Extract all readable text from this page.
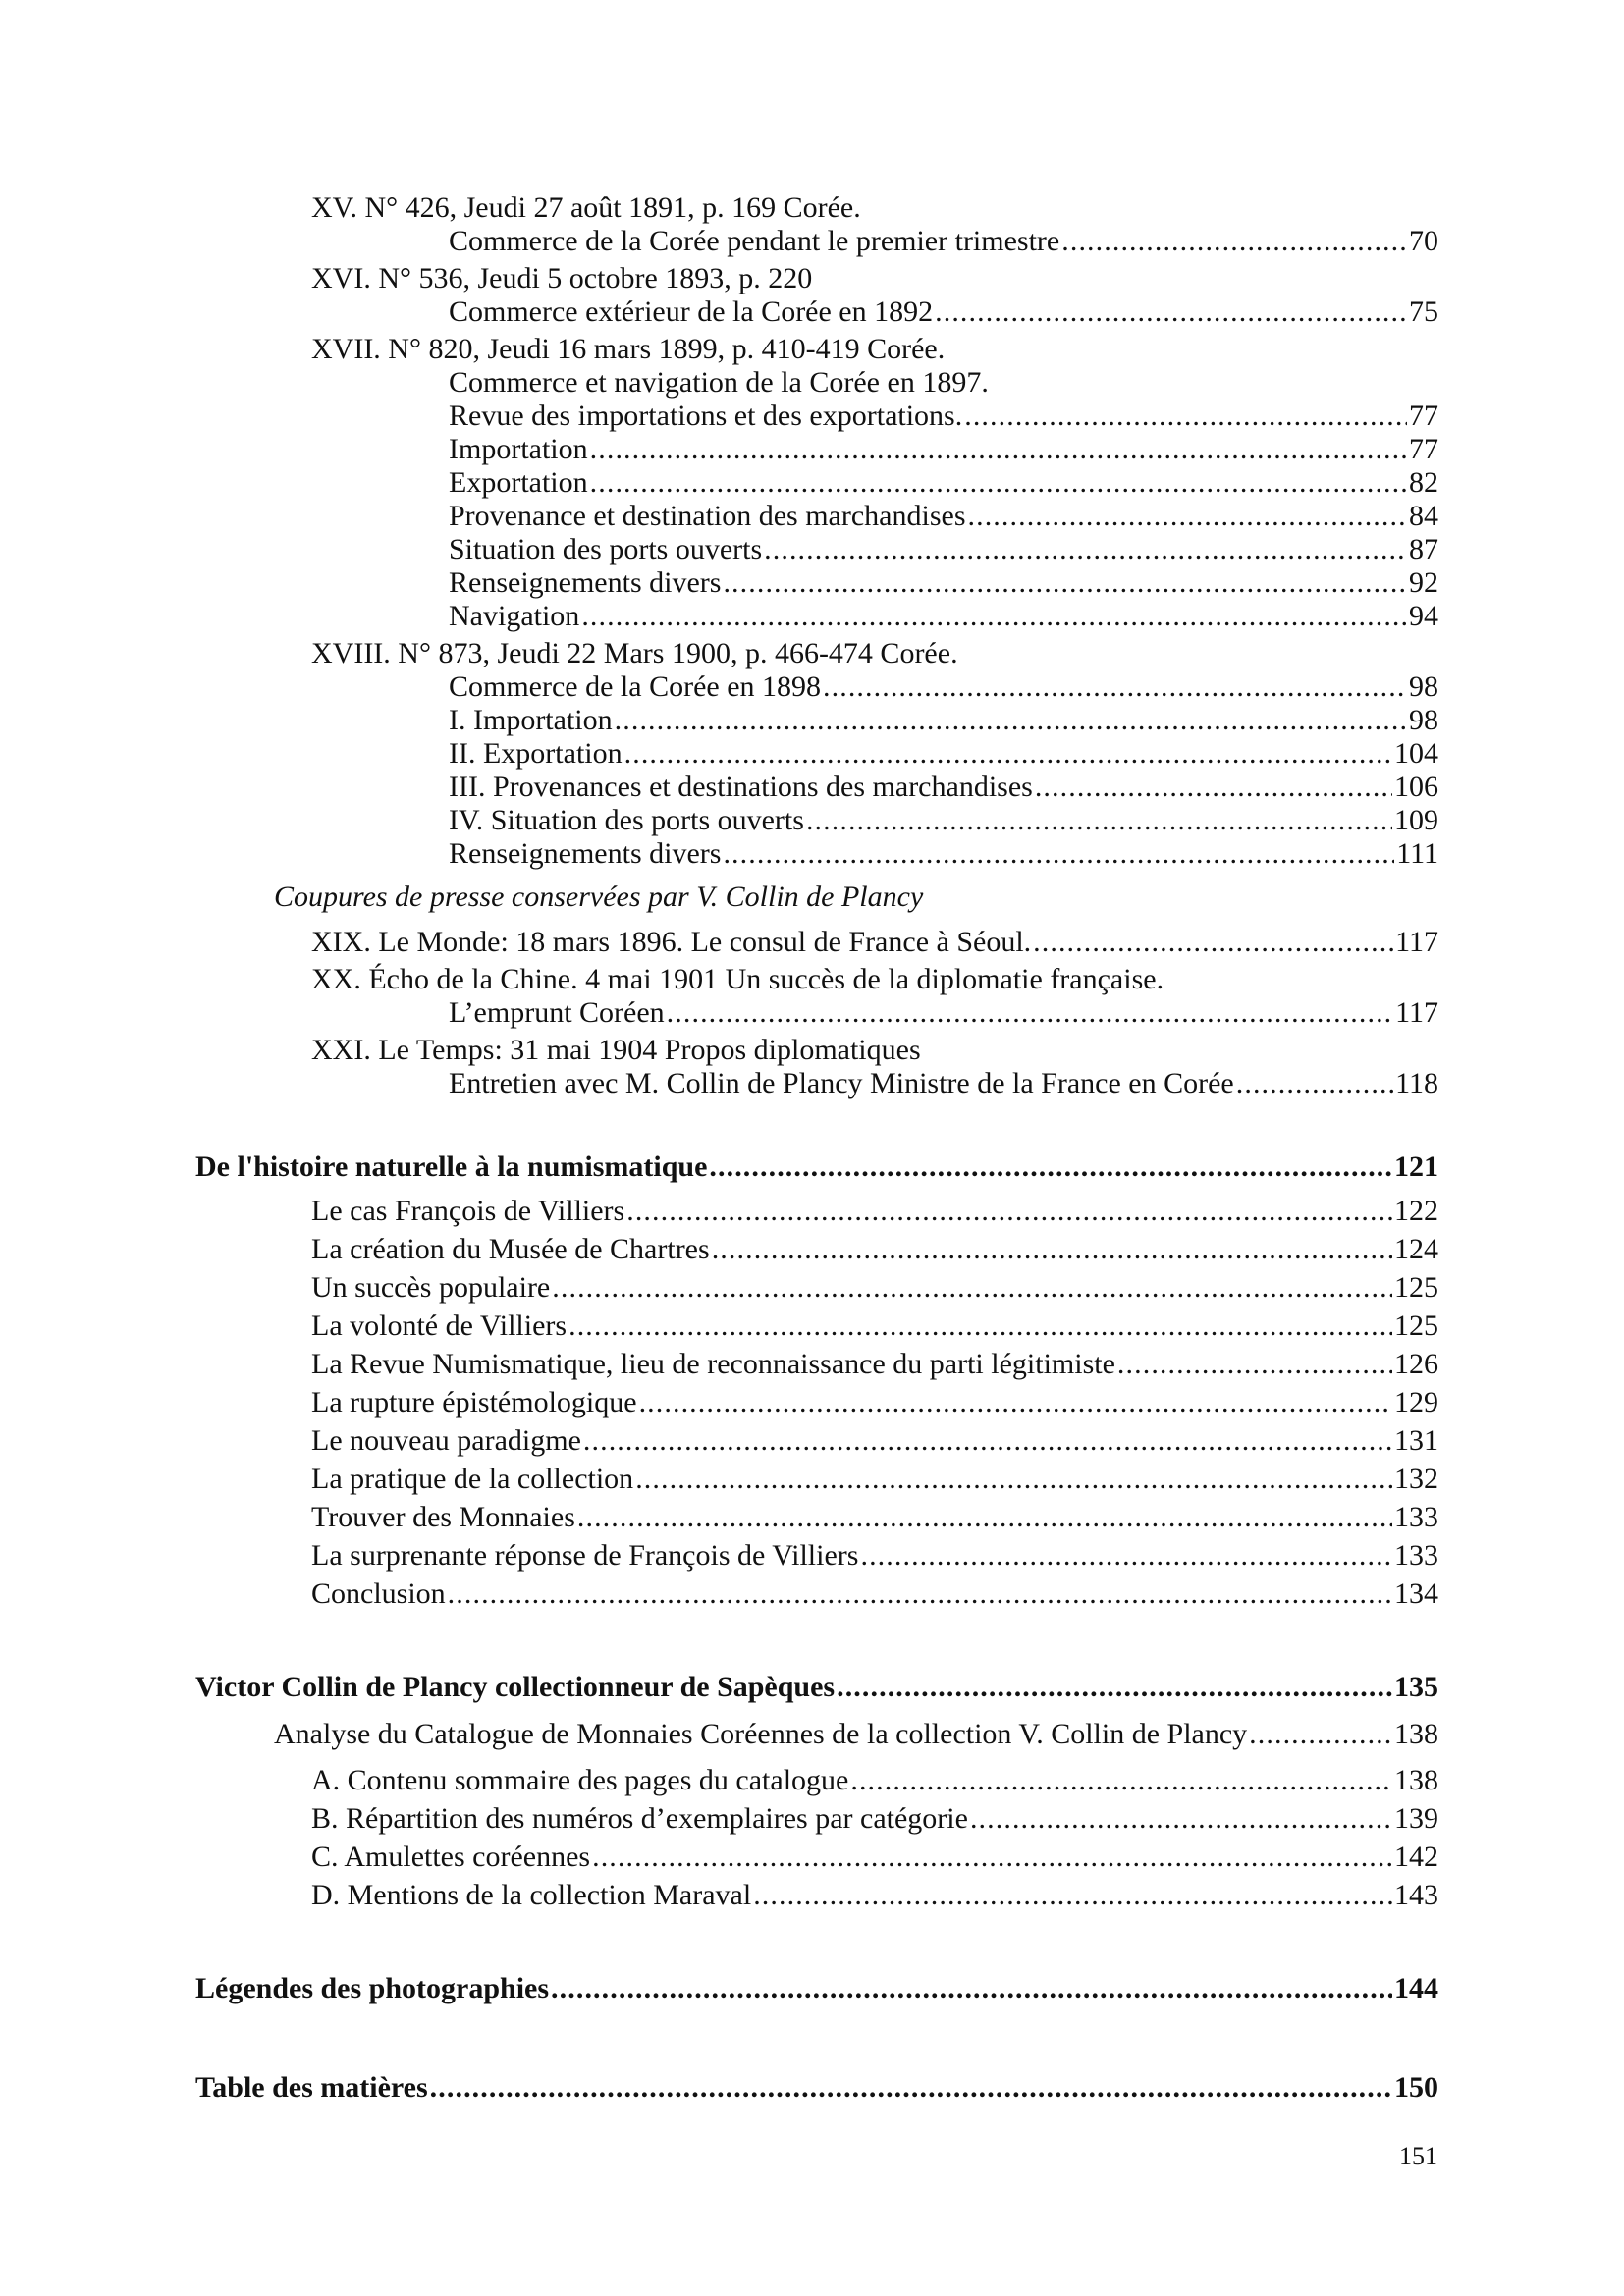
XV. N° 426, Jeudi 27 août 1891, p. 169 Corée.
Commerce de la Corée pendant le premier trimestre . . .	70
XVI. N° 536, Jeudi 5 octobre 1893, p. 220
Commerce extérieur de la Corée en 1892 . . .	75
XVII. N° 820, Jeudi 16 mars 1899, p. 410-419 Corée.
Commerce et navigation de la Corée en 1897.
Revue des importations et des exportations. . . .	77
Importation . . .	77
Exportation . . .	82
Provenance et destination des marchandises . . .	84
Situation des ports ouverts . . .	87
Renseignements divers . . .	92
Navigation . . .	94
XVIII. N° 873, Jeudi 22 Mars 1900, p. 466-474 Corée.
Commerce de la Corée en 1898 . . .	98
I. Importation . . .	98
II. Exportation . . .	104
III. Provenances et destinations des marchandises . . .	106
IV. Situation des ports ouverts . . .	109
Renseignements divers . . .	111
Coupures de presse conservées par V. Collin de Plancy
XIX. Le Monde: 18 mars 1896. Le consul de France à Séoul. . . .	117
XX. Écho de la Chine. 4 mai 1901 Un succès de la diplomatie française.
L’emprunt Coréen . . .	117
XXI. Le Temps: 31 mai 1904 Propos diplomatiques
Entretien avec M. Collin de Plancy Ministre de la France en Corée . . .	118
De l'histoire naturelle à la numismatique . . .	121
Le cas François de Villiers . . .	122
La création du Musée de Chartres . . .	124
Un succès populaire . . .	125
La volonté de Villiers . . .	125
La Revue Numismatique, lieu de reconnaissance du parti légitimiste . . .	126
La rupture épistémologique . . .	129
Le nouveau paradigme . . .	131
La pratique de la collection . . .	132
Trouver des Monnaies . . .	133
La surprenante réponse de François de Villiers . . .	133
Conclusion . . .	134
Victor Collin de Plancy collectionneur de Sapèques . . .	135
Analyse du Catalogue de Monnaies Coréennes de la collection V. Collin de Plancy . . .	138
A. Contenu sommaire des pages du catalogue . . .	138
B. Répartition des numéros d’exemplaires par catégorie . . .	139
C. Amulettes coréennes . . .	142
D. Mentions de la collection Maraval . . .	143
Légendes des photographies . . .	144
Table des matières . . .	150
151
